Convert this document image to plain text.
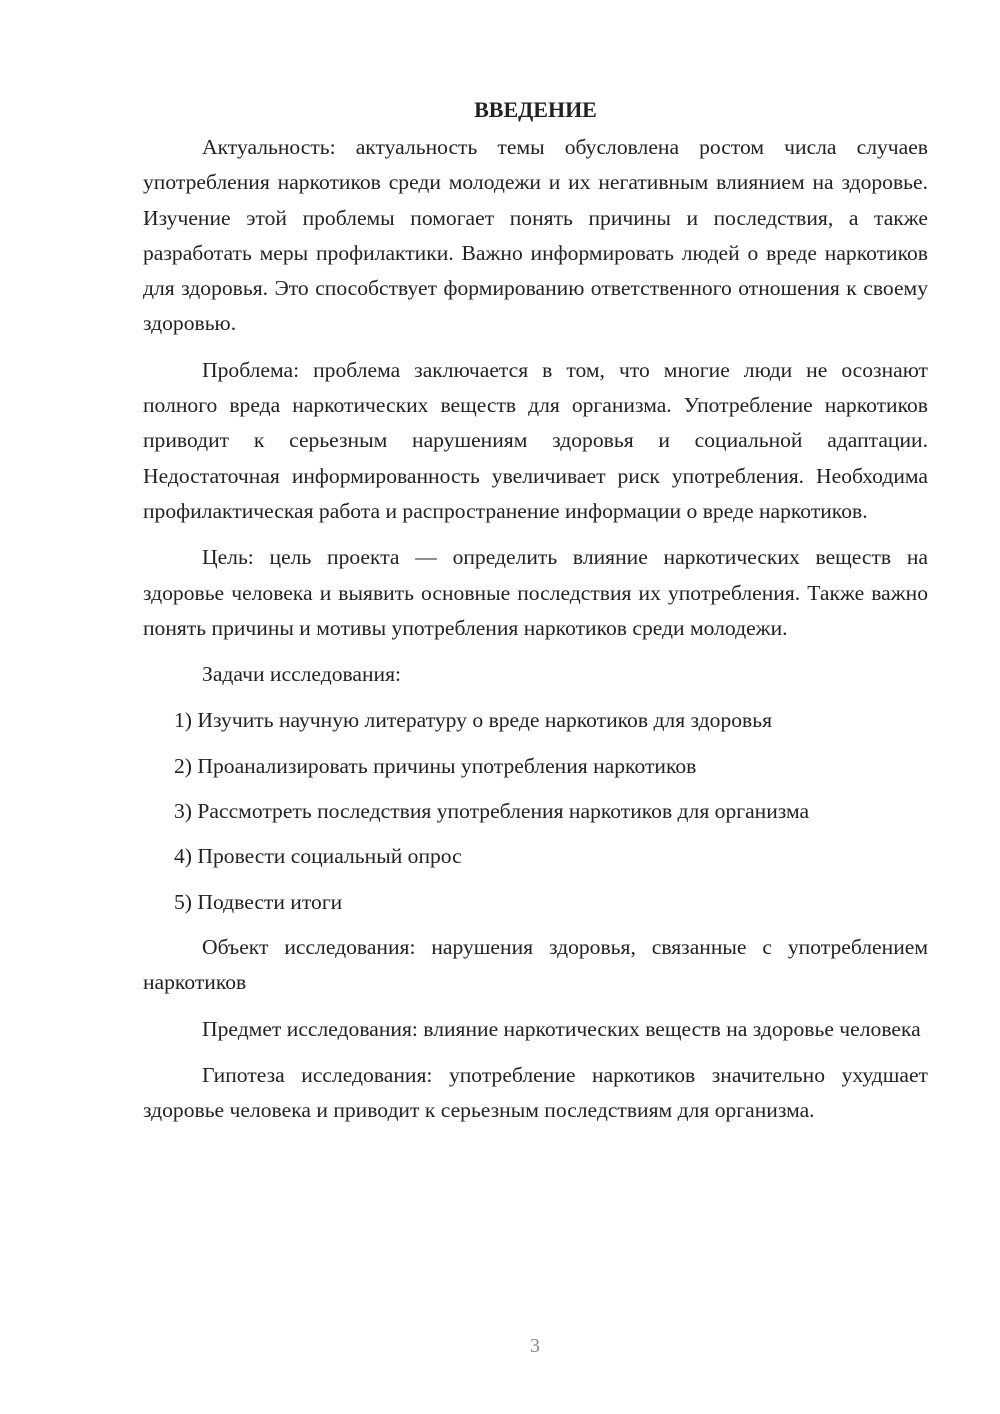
ВВЕДЕНИЕ

Актуальность: актуальность темы обусловлена ростом числа случаев употребления наркотиков среди молодежи и их негативным влиянием на здоровье. Изучение этой проблемы помогает понять причины и последствия, а также разработать меры профилактики. Важно информировать людей о вреде наркотиков для здоровья. Это способствует формированию ответственного отношения к своему здоровью.

Проблема: проблема заключается в том, что многие люди не осознают полного вреда наркотических веществ для организма. Употребление наркотиков приводит к серьезным нарушениям здоровья и социальной адаптации. Недостаточная информированность увеличивает риск употребления. Необходима профилактическая работа и распространение информации о вреде наркотиков.

Цель: цель проекта — определить влияние наркотических веществ на здоровье человека и выявить основные последствия их употребления. Также важно понять причины и мотивы употребления наркотиков среди молодежи.

Задачи исследования:

1) Изучить научную литературу о вреде наркотиков для здоровья
2) Проанализировать причины употребления наркотиков
3) Рассмотреть последствия употребления наркотиков для организма
4) Провести социальный опрос
5) Подвести итоги

Объект исследования: нарушения здоровья, связанные с употреблением наркотиков

Предмет исследования: влияние наркотических веществ на здоровье человека

Гипотеза исследования: употребление наркотиков значительно ухудшает здоровье человека и приводит к серьезным последствиям для организма.

3
